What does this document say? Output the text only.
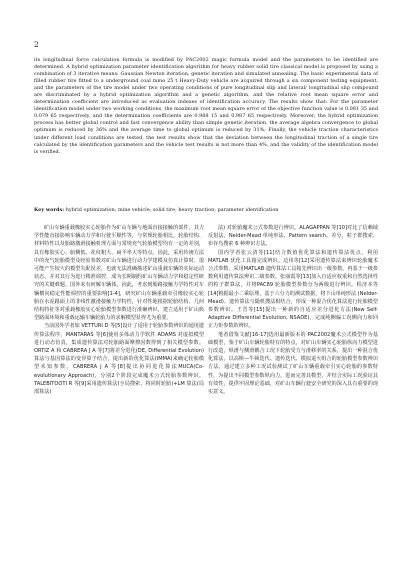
2

its longitudinal force calculation formula is modified by PAC2002 magic formula model and the parameters to be identified are determined. A hybrid optimization parameter identification algorithm for heavy rubber solid tire classical model is proposed by using a combination of 3 iterative means: Gaussian Newton iteration, genetic iteration and simulated annealing. The basic experimental data of filled rubber tire fitted to a underground coal mine 25 t Heavy-Duty vehicle are acquired through a six component testing equipment, and the parameters of the tire model under two operating conditions of pure longitudinal slip and lateral/ longitudinal slip compound are discriminated by a hybrid optimization algorithm and a genetic algorithm, and the relative root mean square error and determination coefficient are introduced as evaluation indexes of identification accuracy. The results show that: For the parameter identification model under two working conditions, the maximum root mean square error of the objective function value is 0.081 35 and 0.079 65 respectively, and the determination coefficients are 0.988 15 and 0.987 65 respectively. Moreover, the hybrid optimization process has better global control and fast convergence ability than simple genetic iteration. the average algebra convergence to global optimum is reduced by 36% and the average time to global optimum is reduced by 31%; Finally, the vehicle traction characteristics under different load conditions are tested, the test results show that the deviation between the longitudinal traction of a single tire calculated by the identification parameters and the vehicle test results is not more than 4%, and the validity of the identification model is verified.

Key words: hybrid optimization; mine vehicle; solid tire; heavy traction; parameter identification

矿山车辆重载橡胶实心轮胎作为矿山车辆与地面直接接触的部件，其力学性能直接影响车辆动力学和行驶平顺性等，与常规轮胎相比，轮胎结构、材料特性以及胎路激滑接触机理方面与常规充气轮胎模型均有一定的差别，具有橡胶实心、胎侧低、花纹粗大、扁平率大等特点。因此，采用传统方法中的充气轮胎模型及经验参数对矿山车辆进行动力学建模及仿真计算时，很可能产生较大的模型失配误差，也就无法准确描述矿山重载车辆的实际运动状态，并对其行为进行精准调控，成为长期制约矿山车辆动力学和稳定性研究的关键难题。国外未有何解车辆体。因此，考虑到胎路接触力学特性对车辆横向稳定性能调控的重要影响[1-4]，研究矿山车辆重载牵引橡胶实心轮胎在水泥路面上的非线性激滑接触力学特性，针对性地根据轮胎结构、几何结构特征等对重载橡胶实心轮胎模型参数进行准确辨识，建立适用于矿山典型路面环境和重载运输车辆轮胎力的求解模型显得尤为重要。

当前国外学者如 VETTURI D 等[5]设计了适用于轮胎参数辨识的通用遗传算法程序，MANTARAS 等[6]使用多体动力学软件 ADAMS 对虚拟模型进行动态仿真，集成遗传算法对轮胎路面摩擦因数得到了相关模型参数。ORTIZ A 和 CABRERA J A 等[7]将差分进化(DE, Differential Evolution)算法与基因算法的变异算子结合，提出新的优化算法(IMMA)来确定轮胎模型未知参数。CABRERA J A 等[8]提出协同进化算法MUCA(Co-evolutionary Approach)，分别2个阶段完成魔术公式轮胎参数辨识。TALEBITOOTI R 等[9]采用遗传算法(全局搜索、将同时轮胎)+LM 算法(局部算法)

法) 对轮胎魔术公式参数进行辨识。ALAGAPPAN 等[10]对比了信赖域反射法、Nelder-Mead 单纯形法、Pattern search、差分、粒子群搜索、布谷鸟搜索 6 种辨识方法。

国内学者张云清等[11]结合数值优化算法和遗传算法优点，利用 MATLAB 优化工具箱完成辨识。边伟等[12]采用遗传算法来辨识轮胎魔术公式参数，采用MATLAB 遗传算法工具箱先辨识出一级参数，再基于一级参数利用遗传算法辨识二级参数。张丽霞等[13]加入自适应权重和自然选择性的粒子群算法，并将PAC89 轮胎模型参数分为两级进行辨识。程济本等[14]根据最小二乘原理，基于六分力的测试数据，将下山单纯形法 (Nelder-Mead)、遗传算法与随机搜法相结合，形成一种混合优化算法进行轮胎模型参数辨识。王晋等[15]提出一种新的自适应差分进化方法(New Self-Adaptive Differential Evolution, NSADE)，完成纯侧偏工况侧向力和回正力矩参数的辨识。

笔者借鉴文献[16-17]选用最新版本的 PAC2002魔术公式模型作为基础模型，鉴于矿山车辆轮胎特有的特点，对矿山车辆实心轮胎纵向力模型进行改造，纵滑与侧滑耦合工况下轮胎受力与滑移率的关系，提出一种混合优化算法，以高斯—牛顿迭代、遗传迭代、模拟退火组合的轮胎模型参数辨识方法，通过建立多种工况试验测试了矿山车辆重载牵引实心轮胎的参数特性，为提出不同模型参数纵向力，进而完善其模型，并结合实际工况验证其有效性，提供牢固理论基础，对矿山车辆行驶安全研究的深入具有重要的现实意义。
